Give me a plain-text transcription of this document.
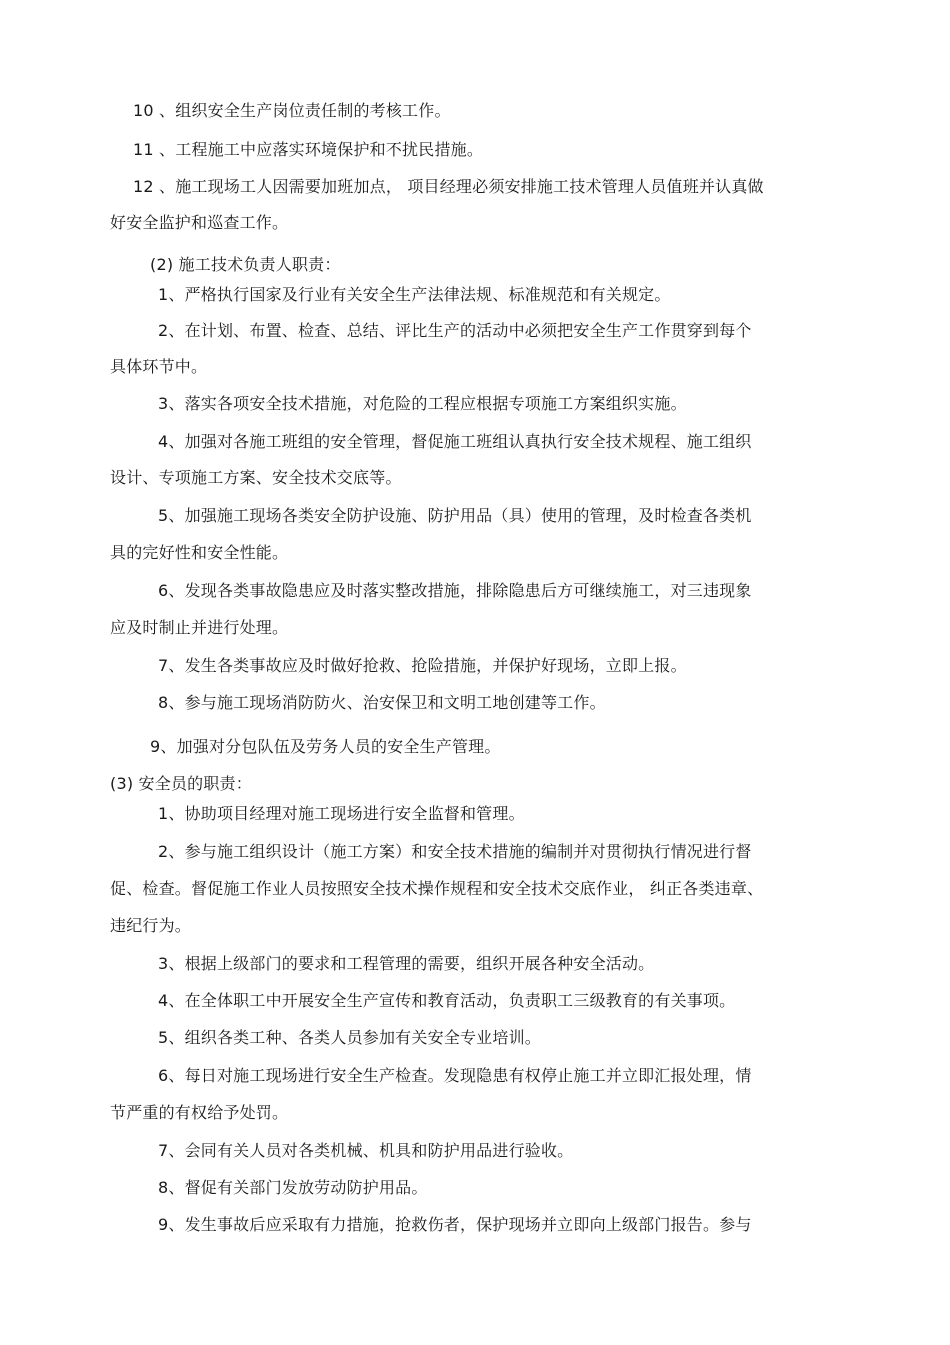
10 、组织安全生产岗位责任制的考核工作。
11 、工程施工中应落实环境保护和不扰民措施。
12 、施工现场工人因需要加班加点， 项目经理必须安排施工技术管理人员值班并认真做
好安全监护和巡查工作。
(2) 施工技术负责人职责：
1、严格执行国家及行业有关安全生产法律法规、标准规范和有关规定。
2、在计划、布置、检查、总结、评比生产的活动中必须把安全生产工作贯穿到每个
具体环节中。
3、落实各项安全技术措施，对危险的工程应根据专项施工方案组织实施。
4、加强对各施工班组的安全管理，督促施工班组认真执行安全技术规程、施工组织
设计、专项施工方案、安全技术交底等。
5、加强施工现场各类安全防护设施、防护用品（具）使用的管理，及时检查各类机
具的完好性和安全性能。
6、发现各类事故隐患应及时落实整改措施，排除隐患后方可继续施工，对三违现象
应及时制止并进行处理。
7、发生各类事故应及时做好抢救、抢险措施，并保护好现场，立即上报。
8、参与施工现场消防防火、治安保卫和文明工地创建等工作。
9、加强对分包队伍及劳务人员的安全生产管理。
(3) 安全员的职责：
1、协助项目经理对施工现场进行安全监督和管理。
2、参与施工组织设计（施工方案）和安全技术措施的编制并对贯彻执行情况进行督
促、检查。督促施工作业人员按照安全技术操作规程和安全技术交底作业， 纠正各类违章、
违纪行为。
3、根据上级部门的要求和工程管理的需要，组织开展各种安全活动。
4、在全体职工中开展安全生产宣传和教育活动，负责职工三级教育的有关事项。
5、组织各类工种、各类人员参加有关安全专业培训。
6、每日对施工现场进行安全生产检查。发现隐患有权停止施工并立即汇报处理，情
节严重的有权给予处罚。
7、会同有关人员对各类机械、机具和防护用品进行验收。
8、督促有关部门发放劳动防护用品。
9、发生事故后应采取有力措施，抢救伤者，保护现场并立即向上级部门报告。参与
